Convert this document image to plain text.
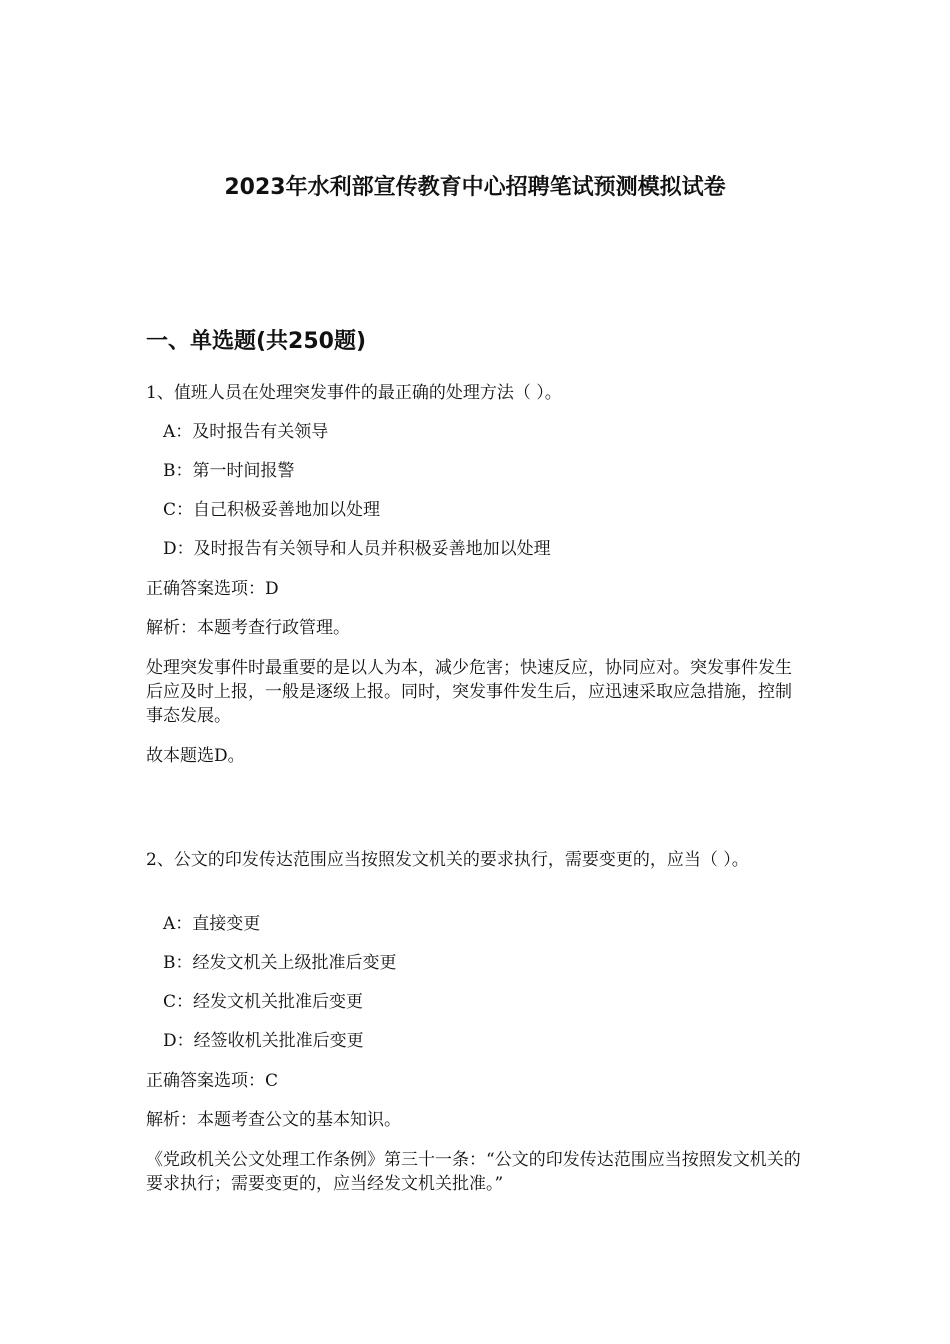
2023年水利部宣传教育中心招聘笔试预测模拟试卷
一、单选题(共250题)
1、值班人员在处理突发事件的最正确的处理方法（ ）。
A：及时报告有关领导
B：第一时间报警
C：自己积极妥善地加以处理
D：及时报告有关领导和人员并积极妥善地加以处理
正确答案选项：D
解析：本题考查行政管理。
处理突发事件时最重要的是以人为本，减少危害；快速反应，协同应对。突发事件发生后应及时上报，一般是逐级上报。同时，突发事件发生后，应迅速采取应急措施，控制事态发展。
故本题选D。
2、公文的印发传达范围应当按照发文机关的要求执行，需要变更的，应当（ ）。
A：直接变更
B：经发文机关上级批准后变更
C：经发文机关批准后变更
D：经签收机关批准后变更
正确答案选项：C
解析：本题考查公文的基本知识。
《党政机关公文处理工作条例》第三十一条：“公文的印发传达范围应当按照发文机关的要求执行；需要变更的，应当经发文机关批准。”
